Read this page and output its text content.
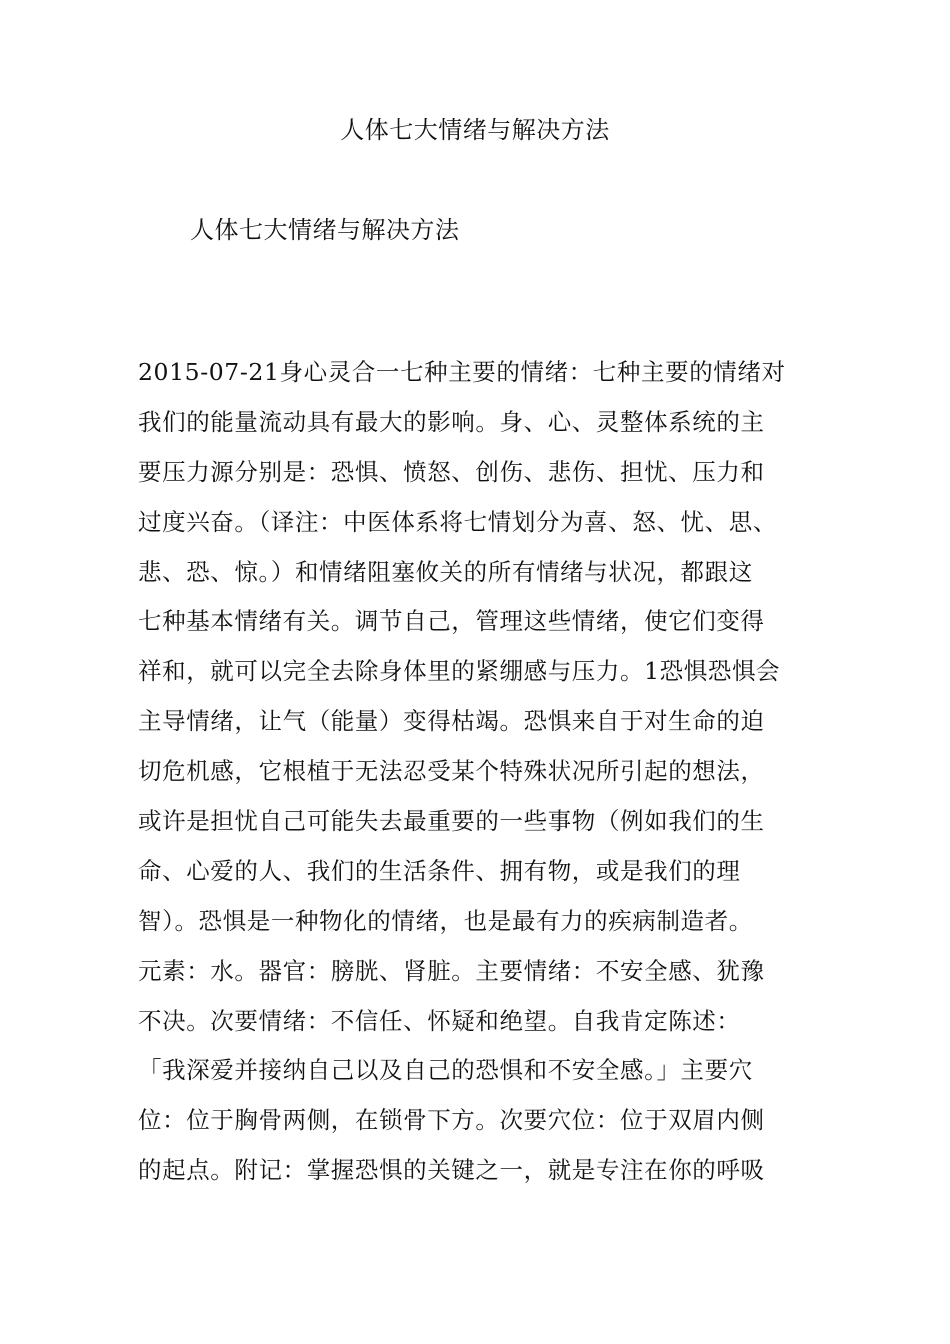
人体七大情绪与解决方法
人体七大情绪与解决方法
2015-07-21身心灵合一七种主要的情绪：七种主要的情绪对
我们的能量流动具有最大的影响。身、心、灵整体系统的主
要压力源分别是：恐惧、愤怒、创伤、悲伤、担忧、压力和
过度兴奋。（译注：中医体系将七情划分为喜、怒、忧、思、
悲、恐、惊。）和情绪阻塞攸关的所有情绪与状况，都跟这
七种基本情绪有关。调节自己，管理这些情绪，使它们变得
祥和，就可以完全去除身体里的紧绷感与压力。1恐惧恐惧会
主导情绪，让气（能量）变得枯竭。恐惧来自于对生命的迫
切危机感，它根植于无法忍受某个特殊状况所引起的想法，
或许是担忧自己可能失去最重要的一些事物（例如我们的生
命、心爱的人、我们的生活条件、拥有物，或是我们的理
智）。恐惧是一种物化的情绪，也是最有力的疾病制造者。
元素：水。器官：膀胱、肾脏。主要情绪：不安全感、犹豫
不决。次要情绪：不信任、怀疑和绝望。自我肯定陈述：
「我深爱并接纳自己以及自己的恐惧和不安全感。」主要穴
位：位于胸骨两侧，在锁骨下方。次要穴位：位于双眉内侧
的起点。附记：掌握恐惧的关键之一，就是专注在你的呼吸
